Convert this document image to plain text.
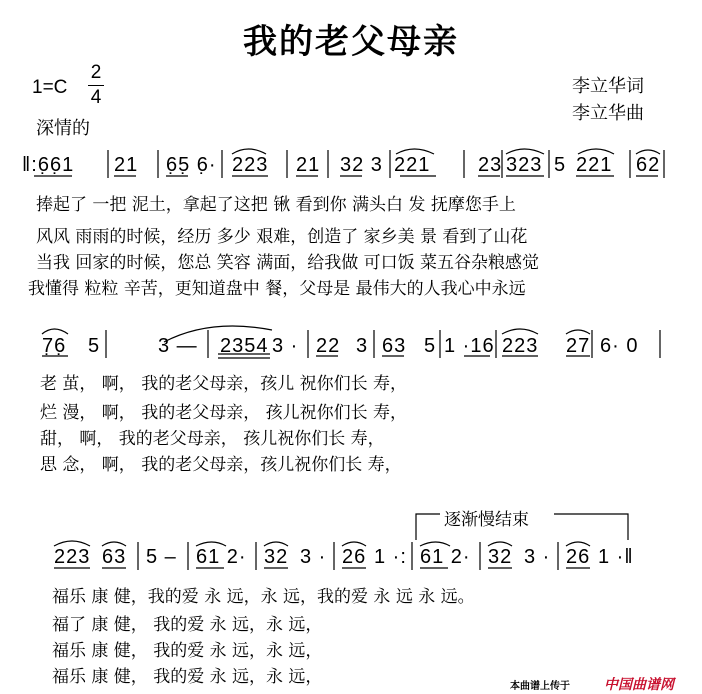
我的老父母亲
1=C
2
4
深情的
李立华词
李立华曲
‖:6̣6̣1 21 6̣5̣ 6̣· 223 21 32 3 221 23 323 5 221 62
捧起了 一把 泥土，拿起了这把 锹 看到你 满头白 发 抚摩您手上
风风 雨雨的时候，经历 多少 艰难，创造了 家乡美 景 看到了山花
当我 回家的时候，您总 笑容 满面，给我做 可口饭 菜五谷杂粮感觉
我懂得 粒粒 辛苦，更知道盘中 餐，父母是 最伟大的人我心中永远
7̣6̣ 5	3 — 2354 3 · 22 3 63 5 1 ·16 223 27 6· 0
老 茧， 啊， 我的老父母亲，孩儿 祝你们长 寿，
烂 漫， 啊， 我的老父母亲， 孩儿祝你们长 寿，
甜， 啊， 我的老父母亲， 孩儿祝你们长 寿，
思 念， 啊， 我的老父母亲，孩儿祝你们长 寿，
逐渐慢结束
223 63 5 – 61 2· 32 3 · 26 1 ·: 61 2· 32 3 · 26 1 ·‖
福乐 康 健，我的爱 永 远，永 远，我的爱 永 远 永 远。
福了 康 健， 我的爱 永 远，永 远，
福乐 康 健， 我的爱 永 远，永 远，
福乐 康 健， 我的爱 永 远，永 远，	本曲谱上传于 中国曲谱网
